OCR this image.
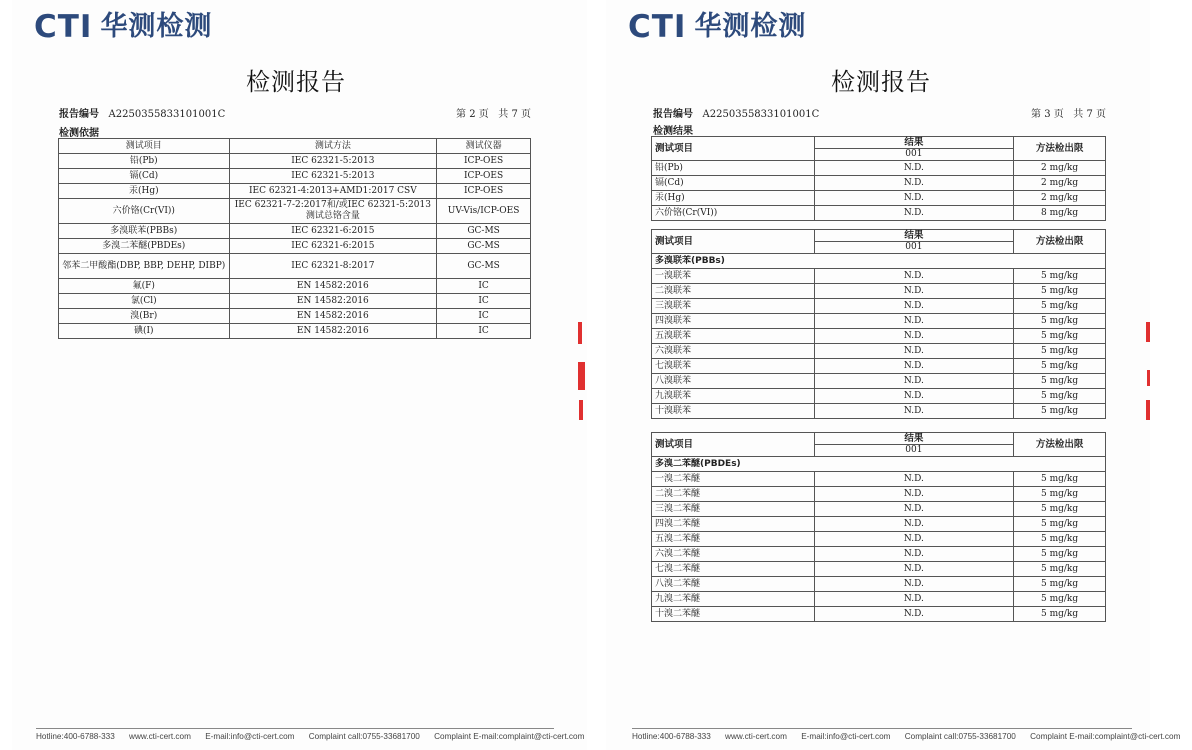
CTI 华测检测
检测报告
报告编号 A2250355833101001C	第 2 页   共 7 页
检测依据
测试项目	测试方法	测试仪器
铅(Pb)	IEC 62321-5:2013	ICP-OES
镉(Cd)	IEC 62321-5:2013	ICP-OES
汞(Hg)	IEC 62321-4:2013+AMD1:2017 CSV	ICP-OES
六价铬(Cr(VI))	IEC 62321-7-2:2017和/或IEC 62321-5:2013测试总铬含量	UV-Vis/ICP-OES
多溴联苯(PBBs)	IEC 62321-6:2015	GC-MS
多溴二苯醚(PBDEs)	IEC 62321-6:2015	GC-MS
邻苯二甲酸酯(DBP, BBP, DEHP, DIBP)	IEC 62321-8:2017	GC-MS
氟(F)	EN 14582:2016	IC
氯(Cl)	EN 14582:2016	IC
溴(Br)	EN 14582:2016	IC
碘(I)	EN 14582:2016	IC
Hotline:400-6788-333 www.cti-cert.com E-mail:info@cti-cert.com Complaint call:0755-33681700 Complaint E-mail:complaint@cti-cert.com
CTI 华测检测
检测报告
报告编号 A2250355833101001C	第 3 页   共 7 页
检测结果
测试项目	结果	方法检出限
	001	
铅(Pb)	N.D.	2 mg/kg
镉(Cd)	N.D.	2 mg/kg
汞(Hg)	N.D.	2 mg/kg
六价铬(Cr(VI))	N.D.	8 mg/kg
测试项目	结果	方法检出限
	001	
多溴联苯(PBBs)		
一溴联苯	N.D.	5 mg/kg
二溴联苯	N.D.	5 mg/kg
三溴联苯	N.D.	5 mg/kg
四溴联苯	N.D.	5 mg/kg
五溴联苯	N.D.	5 mg/kg
六溴联苯	N.D.	5 mg/kg
七溴联苯	N.D.	5 mg/kg
八溴联苯	N.D.	5 mg/kg
九溴联苯	N.D.	5 mg/kg
十溴联苯	N.D.	5 mg/kg
测试项目	结果	方法检出限
	001	
多溴二苯醚(PBDEs)		
一溴二苯醚	N.D.	5 mg/kg
二溴二苯醚	N.D.	5 mg/kg
三溴二苯醚	N.D.	5 mg/kg
四溴二苯醚	N.D.	5 mg/kg
五溴二苯醚	N.D.	5 mg/kg
六溴二苯醚	N.D.	5 mg/kg
七溴二苯醚	N.D.	5 mg/kg
八溴二苯醚	N.D.	5 mg/kg
九溴二苯醚	N.D.	5 mg/kg
十溴二苯醚	N.D.	5 mg/kg
Hotline:400-6788-333 www.cti-cert.com E-mail:info@cti-cert.com Complaint call:0755-33681700 Complaint E-mail:complaint@cti-cert.com
